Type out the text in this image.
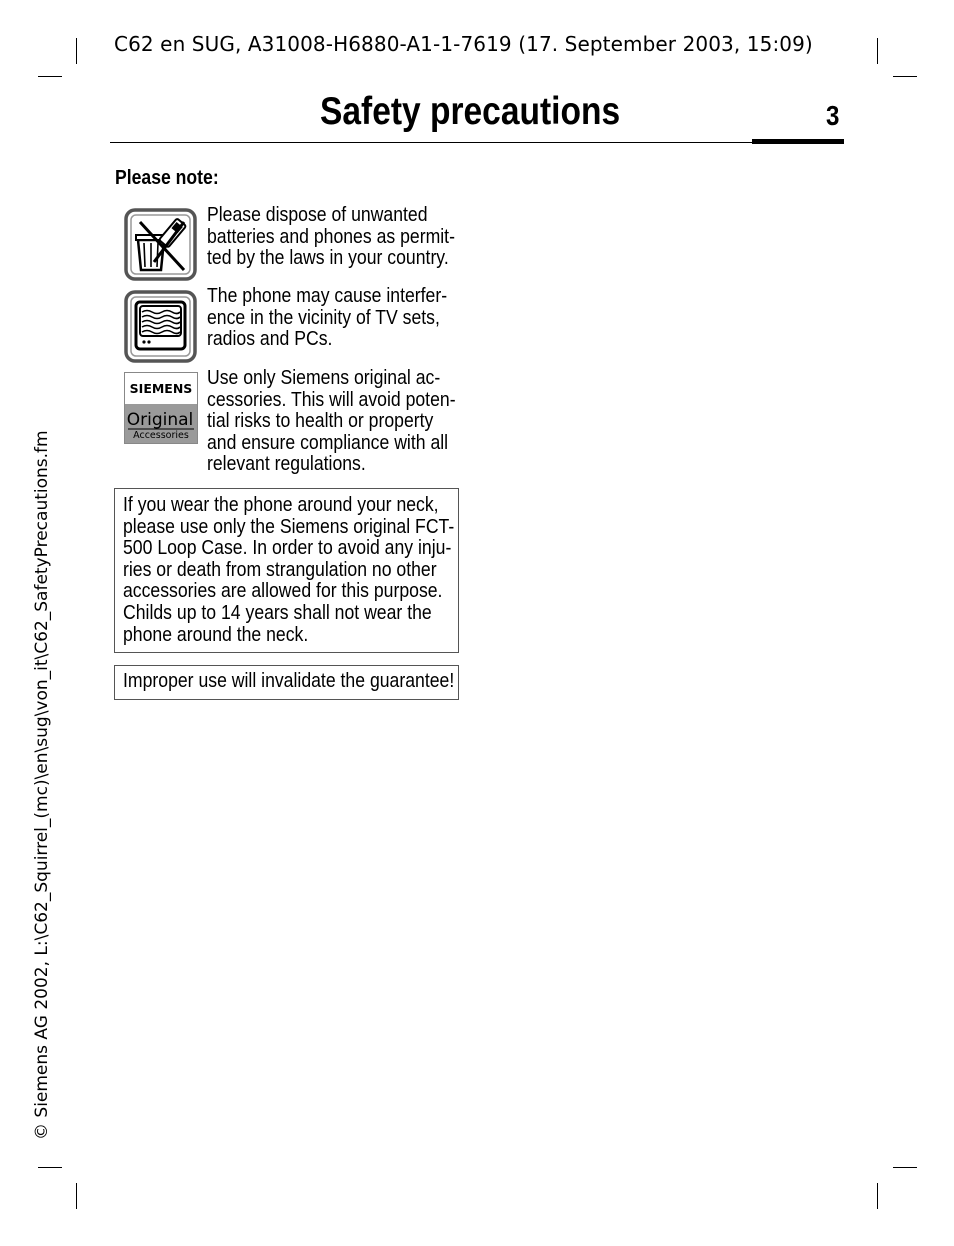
C62 en SUG, A31008-H6880-A1-1-7619 (17. September 2003, 15:09)
Safety precautions	3
Please note:
Please dispose of unwanted
batteries and phones as permit-
ted by the laws in your country.
The phone may cause interfer-
ence in the vicinity of TV sets,
radios and PCs.
SIEMENS
Original
Accessories
Use only Siemens original ac-
cessories. This will avoid poten-
tial risks to health or property
and ensure compliance with all
relevant regulations.
If you wear the phone around your neck,
please use only the Siemens original FCT-
500 Loop Case. In order to avoid any inju-
ries or death from strangulation no other
accessories are allowed for this purpose.
Childs up to 14 years shall not wear the
phone around the neck.
Improper use will invalidate the guarantee!
© Siemens AG 2002, L:\C62_Squirrel_(mc)\en\sug\von_it\C62_SafetyPrecautions.fm
